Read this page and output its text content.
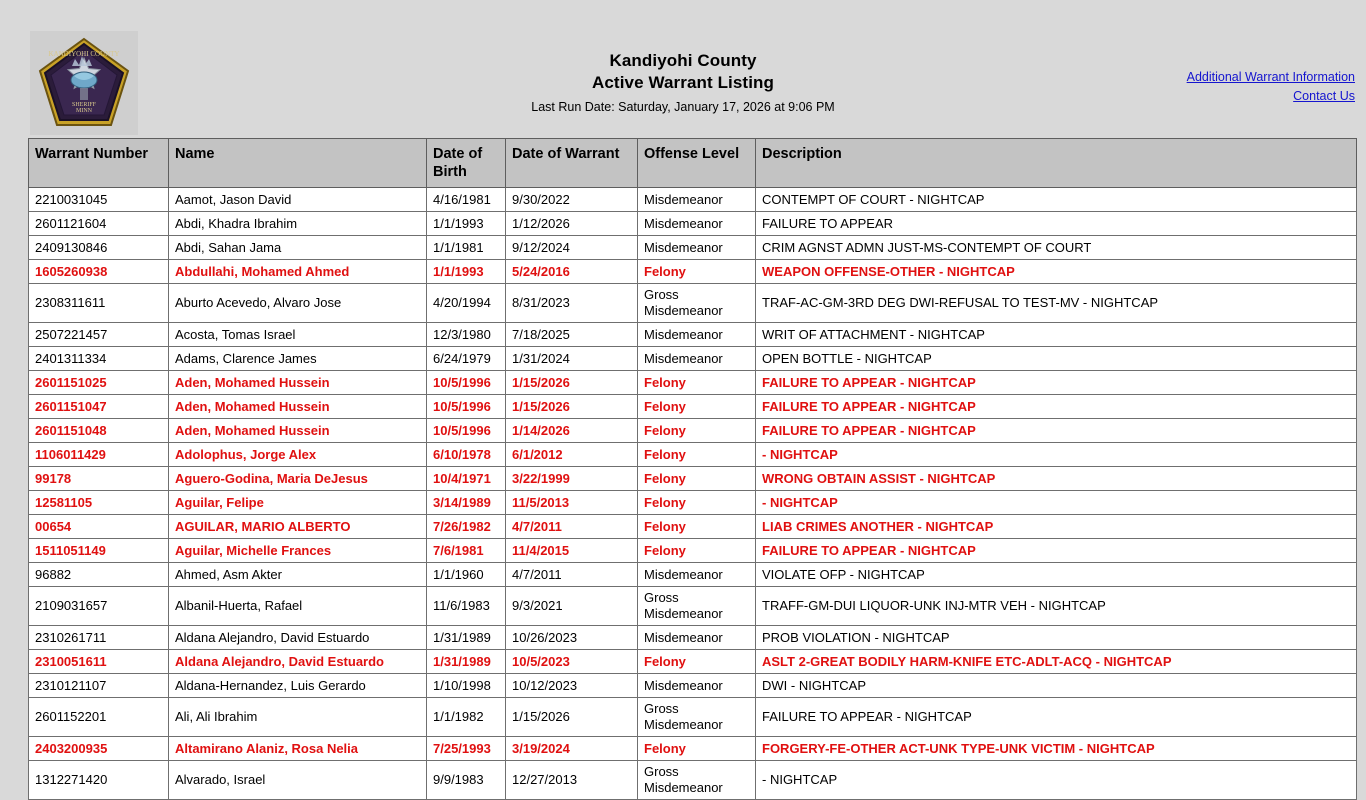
KANDIYOHI COUNTY
SHERIFF
MINN
Kandiyohi County
Active Warrant Listing
Last Run Date: Saturday, January 17, 2026 at 9:06 PM
Additional Warrant Information
Contact Us
Warrant Number	Name	Date of Birth	Date of Warrant	Offense Level	Description
2210031045	Aamot, Jason David	4/16/1981	9/30/2022	Misdemeanor	CONTEMPT OF COURT - NIGHTCAP
2601121604	Abdi, Khadra Ibrahim	1/1/1993	1/12/2026	Misdemeanor	FAILURE TO APPEAR
2409130846	Abdi, Sahan Jama	1/1/1981	9/12/2024	Misdemeanor	CRIM AGNST ADMN JUST-MS-CONTEMPT OF COURT
1605260938	Abdullahi, Mohamed Ahmed	1/1/1993	5/24/2016	Felony	WEAPON OFFENSE-OTHER - NIGHTCAP
2308311611	Aburto Acevedo, Alvaro Jose	4/20/1994	8/31/2023	Gross Misdemeanor	TRAF-AC-GM-3RD DEG DWI-REFUSAL TO TEST-MV - NIGHTCAP
2507221457	Acosta, Tomas Israel	12/3/1980	7/18/2025	Misdemeanor	WRIT OF ATTACHMENT - NIGHTCAP
2401311334	Adams, Clarence James	6/24/1979	1/31/2024	Misdemeanor	OPEN BOTTLE - NIGHTCAP
2601151025	Aden, Mohamed Hussein	10/5/1996	1/15/2026	Felony	FAILURE TO APPEAR - NIGHTCAP
2601151047	Aden, Mohamed Hussein	10/5/1996	1/15/2026	Felony	FAILURE TO APPEAR - NIGHTCAP
2601151048	Aden, Mohamed Hussein	10/5/1996	1/14/2026	Felony	FAILURE TO APPEAR - NIGHTCAP
1106011429	Adolophus, Jorge Alex	6/10/1978	6/1/2012	Felony	- NIGHTCAP
99178	Aguero-Godina, Maria DeJesus	10/4/1971	3/22/1999	Felony	WRONG OBTAIN ASSIST - NIGHTCAP
12581105	Aguilar, Felipe	3/14/1989	11/5/2013	Felony	- NIGHTCAP
00654	AGUILAR, MARIO ALBERTO	7/26/1982	4/7/2011	Felony	LIAB CRIMES ANOTHER - NIGHTCAP
1511051149	Aguilar, Michelle Frances	7/6/1981	11/4/2015	Felony	FAILURE TO APPEAR - NIGHTCAP
96882	Ahmed, Asm Akter	1/1/1960	4/7/2011	Misdemeanor	VIOLATE OFP - NIGHTCAP
2109031657	Albanil-Huerta, Rafael	11/6/1983	9/3/2021	Gross Misdemeanor	TRAFF-GM-DUI LIQUOR-UNK INJ-MTR VEH - NIGHTCAP
2310261711	Aldana Alejandro, David Estuardo	1/31/1989	10/26/2023	Misdemeanor	PROB VIOLATION - NIGHTCAP
2310051611	Aldana Alejandro, David Estuardo	1/31/1989	10/5/2023	Felony	ASLT 2-GREAT BODILY HARM-KNIFE ETC-ADLT-ACQ - NIGHTCAP
2310121107	Aldana-Hernandez, Luis Gerardo	1/10/1998	10/12/2023	Misdemeanor	DWI - NIGHTCAP
2601152201	Ali, Ali Ibrahim	1/1/1982	1/15/2026	Gross Misdemeanor	FAILURE TO APPEAR - NIGHTCAP
2403200935	Altamirano Alaniz, Rosa Nelia	7/25/1993	3/19/2024	Felony	FORGERY-FE-OTHER ACT-UNK TYPE-UNK VICTIM - NIGHTCAP
1312271420	Alvarado, Israel	9/9/1983	12/27/2013	Gross Misdemeanor	- NIGHTCAP
